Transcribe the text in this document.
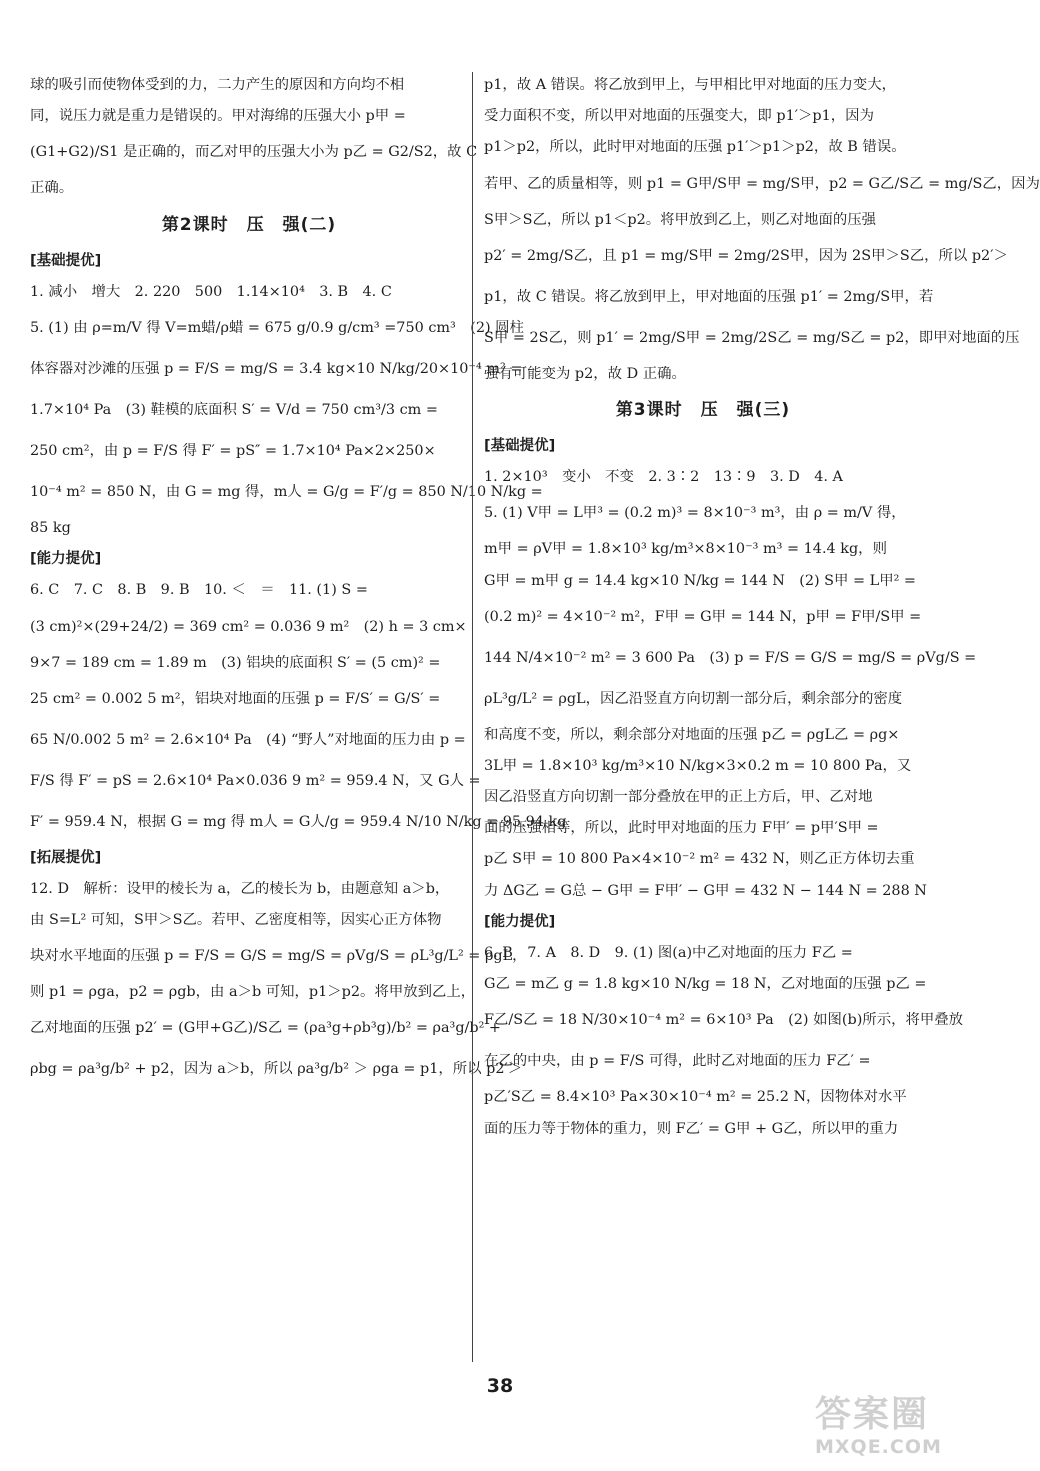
球的吸引而使物体受到的力，二力产生的原因和方向均不相
同，说压力就是重力是错误的。甲对海绵的压强大小 p甲 =
(G1+G2)/S1 是正确的，而乙对甲的压强大小为 p乙 = G2/S2，故 C
正确。
第2课时　压　强(二)
[基础提优]
1. 减小　增大　2. 220　500　1.14×10⁴　3. B　4. C
5. (1) 由 ρ=m/V 得 V=m蜡/ρ蜡 = 675 g/0.9 g/cm³ =750 cm³　(2) 圆柱
体容器对沙滩的压强 p = F/S = mg/S = 3.4 kg×10 N/kg/20×10⁻⁴ m² =
1.7×10⁴ Pa　(3) 鞋模的底面积 S′ = V/d = 750 cm³/3 cm =
250 cm²，由 p = F/S 得 F′ = pS″ = 1.7×10⁴ Pa×2×250×
10⁻⁴ m² = 850 N，由 G = mg 得，m人 = G/g = F′/g = 850 N/10 N/kg =
85 kg
[能力提优]
6. C　7. C　8. B　9. B　10. ＜　＝　11. (1) S =
(3 cm)²×(29+24/2) = 369 cm² = 0.036 9 m²　(2) h = 3 cm×
9×7 = 189 cm = 1.89 m　(3) 铝块的底面积 S′ = (5 cm)² =
25 cm² = 0.002 5 m²，铝块对地面的压强 p = F/S′ = G/S′ =
65 N/0.002 5 m² = 2.6×10⁴ Pa　(4) “野人”对地面的压力由 p =
F/S 得 F′ = pS = 2.6×10⁴ Pa×0.036 9 m² = 959.4 N，又 G人 =
F′ = 959.4 N，根据 G = mg 得 m人 = G人/g = 959.4 N/10 N/kg = 95.94 kg
[拓展提优]
12. D　解析：设甲的棱长为 a，乙的棱长为 b，由题意知 a＞b，
由 S=L² 可知，S甲＞S乙。若甲、乙密度相等，因实心正方体物
块对水平地面的压强 p = F/S = G/S = mg/S = ρVg/S = ρL³g/L² = ρgL，
则 p1 = ρga，p2 = ρgb，由 a＞b 可知，p1＞p2。将甲放到乙上，
乙对地面的压强 p2′ = (G甲+G乙)/S乙 = (ρa³g+ρb³g)/b² = ρa³g/b² +
ρbg = ρa³g/b² + p2，因为 a＞b，所以 ρa³g/b² ＞ ρga = p1，所以 p2′＞
p1，故 A 错误。将乙放到甲上，与甲相比甲对地面的压力变大，
受力面积不变，所以甲对地面的压强变大，即 p1′＞p1，因为
p1＞p2，所以，此时甲对地面的压强 p1′＞p1＞p2，故 B 错误。
若甲、乙的质量相等，则 p1 = G甲/S甲 = mg/S甲，p2 = G乙/S乙 = mg/S乙，因为
S甲＞S乙，所以 p1＜p2。将甲放到乙上，则乙对地面的压强
p2′ = 2mg/S乙，且 p1 = mg/S甲 = 2mg/2S甲，因为 2S甲＞S乙，所以 p2′＞
p1，故 C 错误。将乙放到甲上，甲对地面的压强 p1′ = 2mg/S甲，若
S甲 = 2S乙，则 p1′ = 2mg/S甲 = 2mg/2S乙 = mg/S乙 = p2，即甲对地面的压
强有可能变为 p2，故 D 正确。
第3课时　压　强(三)
[基础提优]
1. 2×10³　变小　不变　2. 3∶2　13∶9　3. D　4. A
5. (1) V甲 = L甲³ = (0.2 m)³ = 8×10⁻³ m³，由 ρ = m/V 得，
m甲 = ρV甲 = 1.8×10³ kg/m³×8×10⁻³ m³ = 14.4 kg，则
G甲 = m甲 g = 14.4 kg×10 N/kg = 144 N　(2) S甲 = L甲² =
(0.2 m)² = 4×10⁻² m²，F甲 = G甲 = 144 N，p甲 = F甲/S甲 =
144 N/4×10⁻² m² = 3 600 Pa　(3) p = F/S = G/S = mg/S = ρVg/S =
ρL³g/L² = ρgL，因乙沿竖直方向切割一部分后，剩余部分的密度
和高度不变，所以，剩余部分对地面的压强 p乙 = ρgL乙 = ρg×
3L甲 = 1.8×10³ kg/m³×10 N/kg×3×0.2 m = 10 800 Pa，又
因乙沿竖直方向切割一部分叠放在甲的正上方后，甲、乙对地
面的压强相等，所以，此时甲对地面的压力 F甲′ = p甲′S甲 =
p乙 S甲 = 10 800 Pa×4×10⁻² m² = 432 N，则乙正方体切去重
力 ΔG乙 = G总 − G甲 = F甲′ − G甲 = 432 N − 144 N = 288 N
[能力提优]
6. B　7. A　8. D　9. (1) 图(a)中乙对地面的压力 F乙 =
G乙 = m乙 g = 1.8 kg×10 N/kg = 18 N，乙对地面的压强 p乙 =
F乙/S乙 = 18 N/30×10⁻⁴ m² = 6×10³ Pa　(2) 如图(b)所示，将甲叠放
在乙的中央，由 p = F/S 可得，此时乙对地面的压力 F乙′ =
p乙′S乙 = 8.4×10³ Pa×30×10⁻⁴ m² = 25.2 N，因物体对水平
面的压力等于物体的重力，则 F乙′ = G甲 + G乙，所以甲的重力
38
答案圈
MXQE.COM
